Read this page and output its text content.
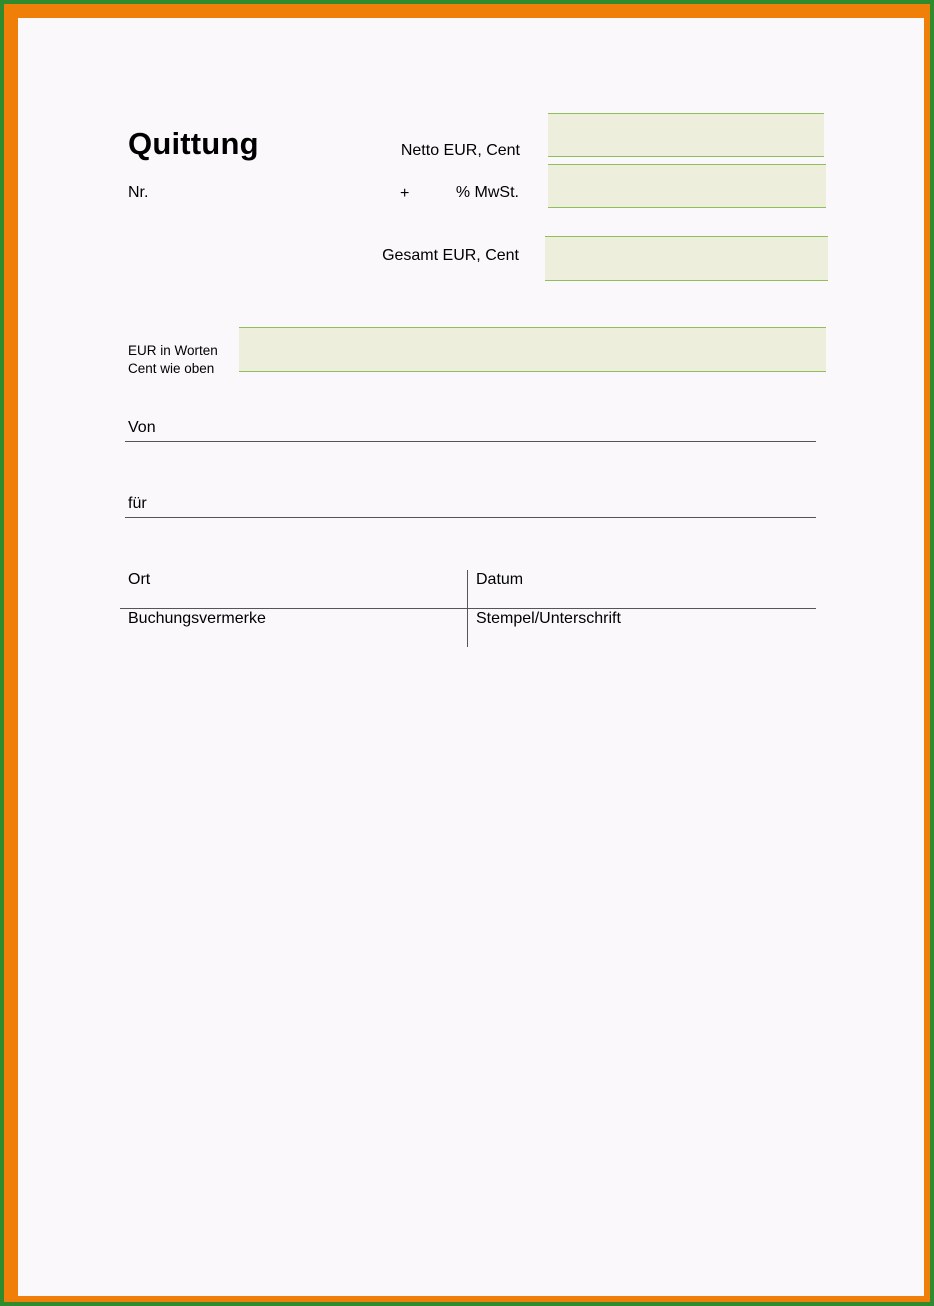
Quittung
Nr.
Netto EUR, Cent
+	% MwSt.
Gesamt EUR, Cent
EUR in Worten
Cent wie oben
Von
für
Ort	Datum
Buchungsvermerke	Stempel/Unterschrift
